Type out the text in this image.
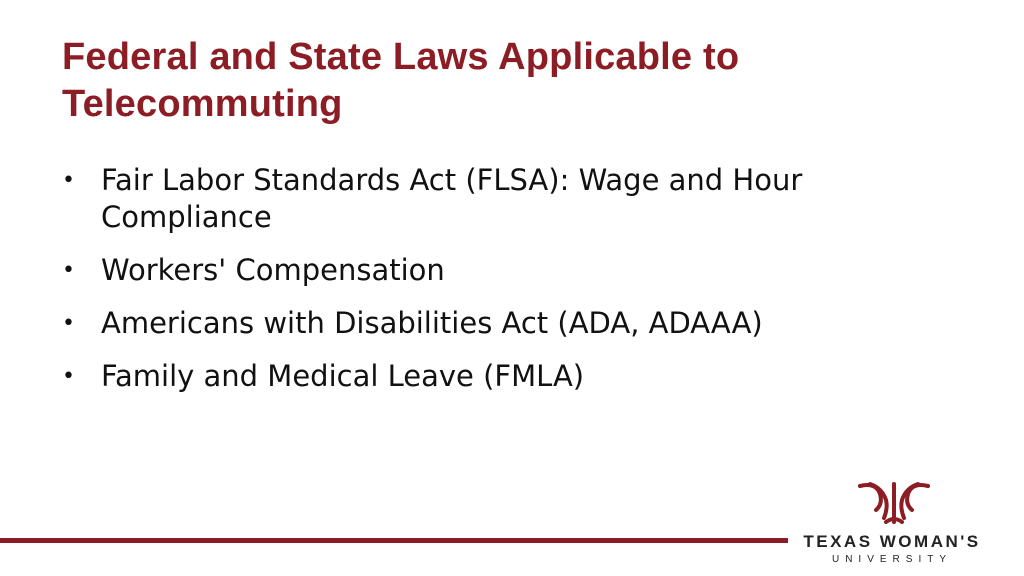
Federal and State Laws Applicable to Telecommuting
• Fair Labor Standards Act (FLSA): Wage and Hour Compliance
• Workers' Compensation
• Americans with Disabilities Act (ADA, ADAAA)
• Family and Medical Leave (FMLA)
TEXAS WOMAN'S
UNIVERSITY
